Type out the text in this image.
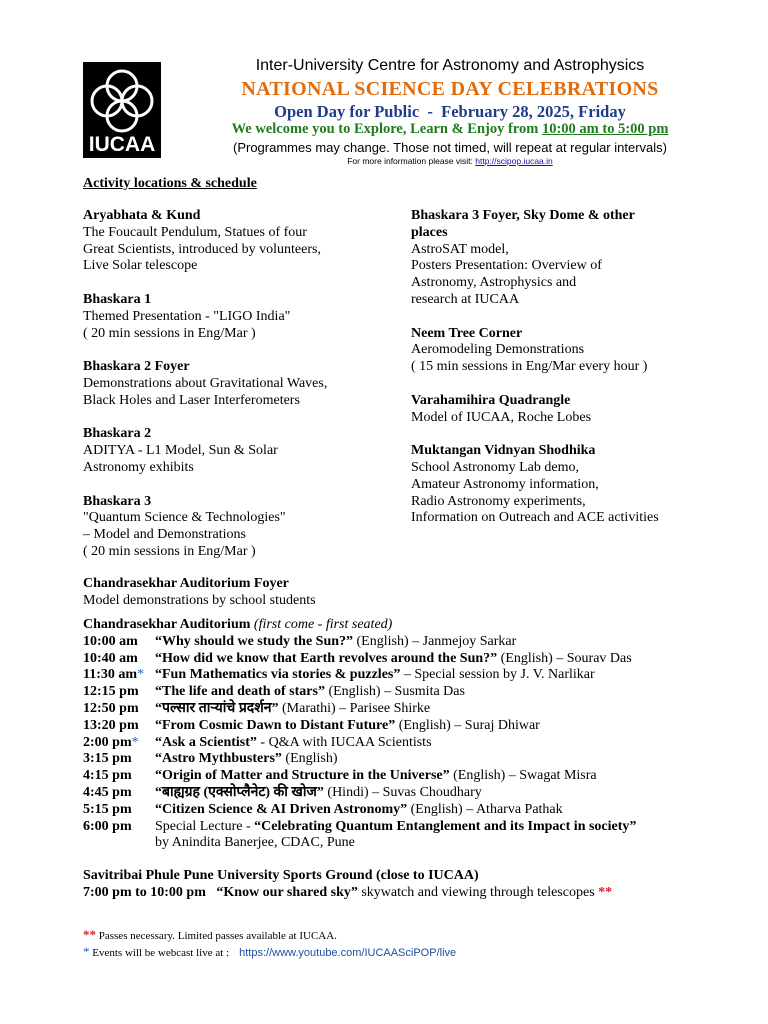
IUCAA
Inter-University Centre for Astronomy and Astrophysics
NATIONAL SCIENCE DAY CELEBRATIONS
Open Day for Public  -  February 28, 2025, Friday
We welcome you to Explore, Learn & Enjoy from 10:00 am to 5:00 pm
(Programmes may change. Those not timed, will repeat at regular intervals)
For more information please visit: http://scipop.iucaa.in
Activity locations & schedule

Aryabhata & Kund
The Foucault Pendulum, Statues of four
Great Scientists, introduced by volunteers,
Live Solar telescope

Bhaskara 1
Themed Presentation - "LIGO India"
( 20 min sessions in Eng/Mar )

Bhaskara 2 Foyer
Demonstrations about Gravitational Waves,
Black Holes and Laser Interferometers

Bhaskara 2
ADITYA - L1 Model, Sun & Solar
Astronomy exhibits

Bhaskara 3
"Quantum Science & Technologies"
– Model and Demonstrations
( 20 min sessions in Eng/Mar )

Bhaskara 3 Foyer, Sky Dome & other places
AstroSAT model,
Posters Presentation: Overview of
Astronomy, Astrophysics and
research at IUCAA

Neem Tree Corner
Aeromodeling Demonstrations
( 15 min sessions in Eng/Mar every hour )

Varahamihira Quadrangle
Model of IUCAA, Roche Lobes

Muktangan Vidnyan Shodhika
School Astronomy Lab demo,
Amateur Astronomy information,
Radio Astronomy experiments,
Information on Outreach and ACE activities

Chandrasekhar Auditorium Foyer
Model demonstrations by school students
Chandrasekhar Auditorium (first come - first seated)
10:00 am	“Why should we study the Sun?” (English) – Janmejoy Sarkar
10:40 am	“How did we know that Earth revolves around the Sun?” (English) – Sourav Das
11:30 am* “Fun Mathematics via stories & puzzles” – Special session by J. V. Narlikar
12:15 pm	“The life and death of stars” (English) – Susmita Das
12:50 pm	“पल्सार ताऱ्यांचे प्रदर्शन” (Marathi) – Parisee Shirke
13:20 pm	“From Cosmic Dawn to Distant Future” (English) – Suraj Dhiwar
2:00 pm*	“Ask a Scientist” - Q&A with IUCAA Scientists
3:15 pm	“Astro Mythbusters” (English)
4:15 pm	“Origin of Matter and Structure in the Universe” (English) – Swagat Misra
4:45 pm	“बाह्यग्रह (एक्सोप्लैनेट) की खोज” (Hindi) – Suvas Choudhary
5:15 pm	“Citizen Science & AI Driven Astronomy” (English) – Atharva Pathak
6:00 pm	Special Lecture - “Celebrating Quantum Entanglement and its Impact in society”
by Anindita Banerjee, CDAC, Pune
Savitribai Phule Pune University Sports Ground (close to IUCAA)
7:00 pm to 10:00 pm “Know our shared sky” skywatch and viewing through telescopes **
** Passes necessary. Limited passes available at IUCAA.
* Events will be webcast live at : https://www.youtube.com/IUCAASciPOP/live
